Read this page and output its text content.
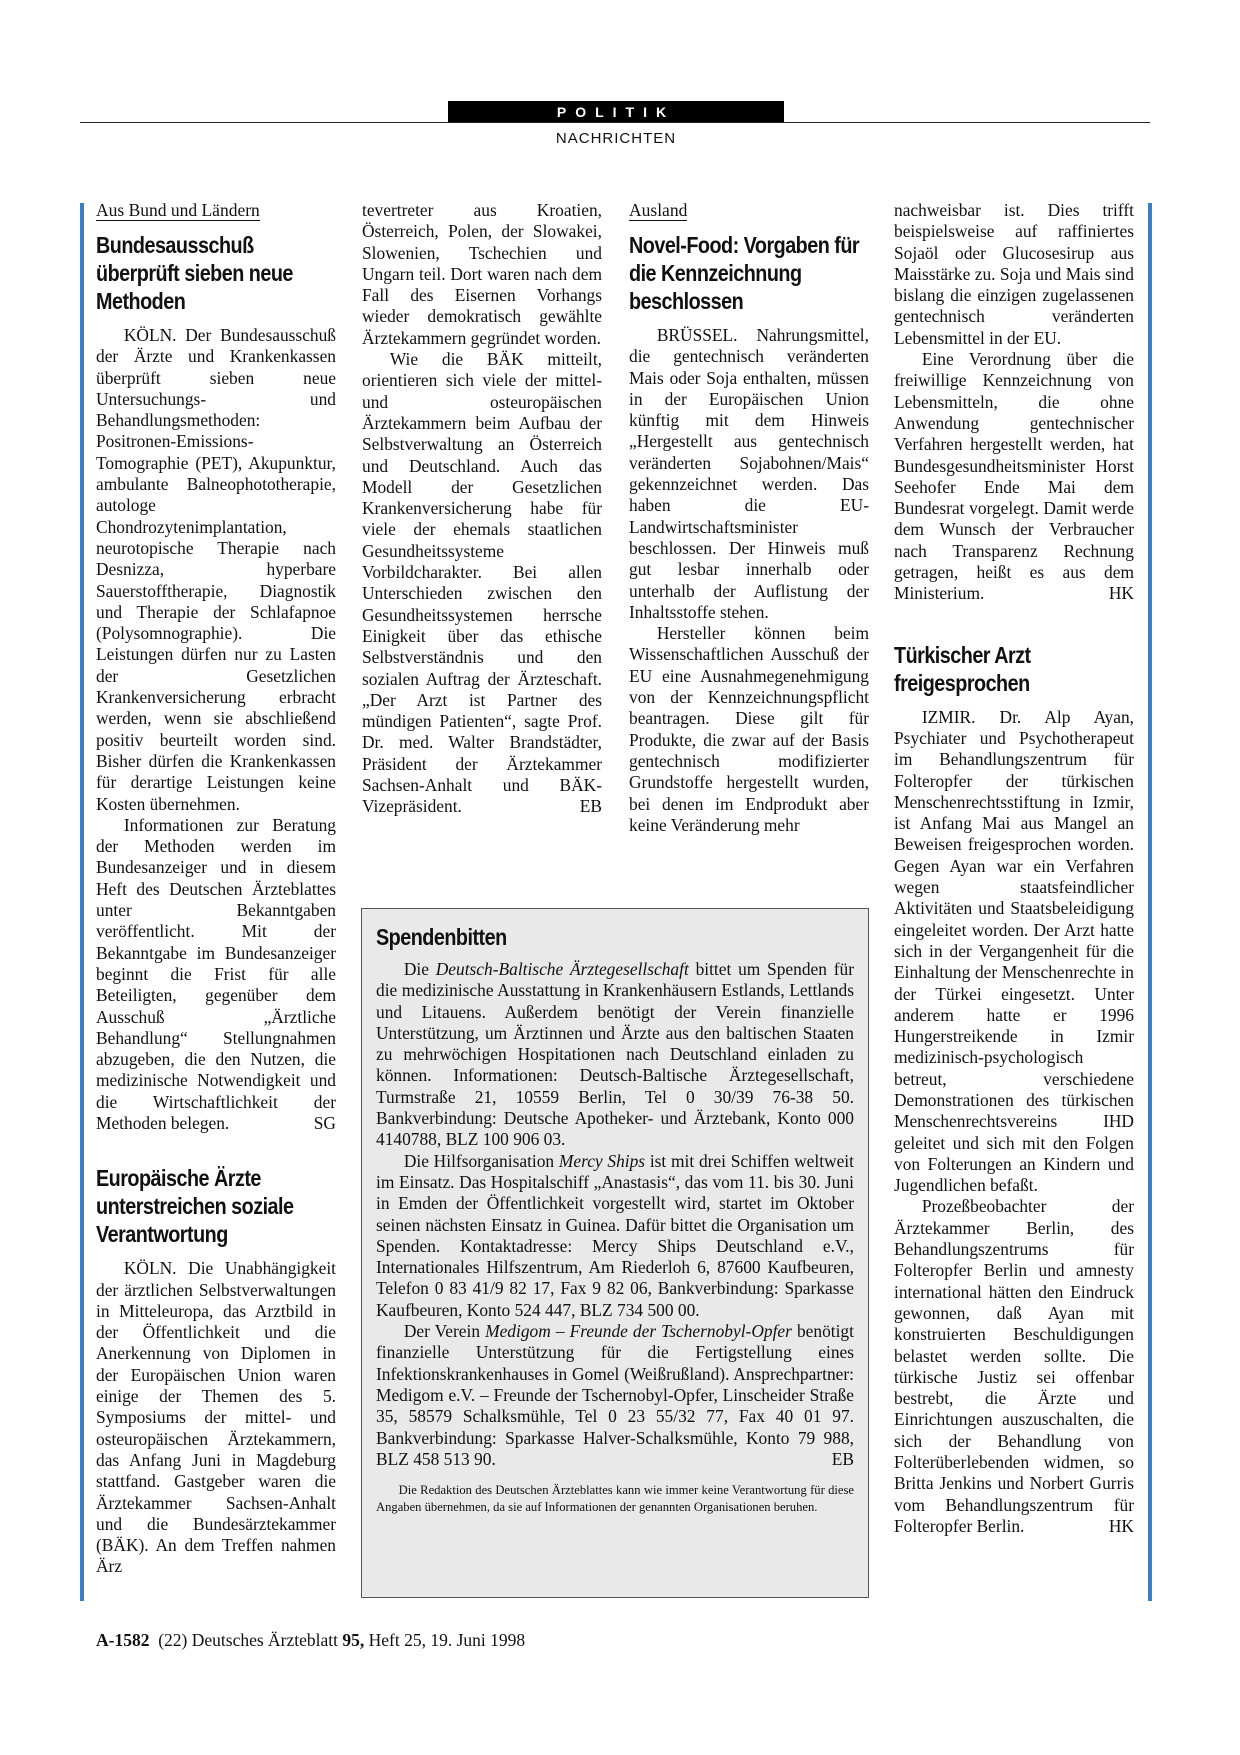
POLITIK
NACHRICHTEN
Aus Bund und Ländern
Bundesausschuß überprüft sieben neue Methoden

KÖLN. Der Bundesausschuß der Ärzte und Krankenkassen überprüft sieben neue Untersuchungs- und Behandlungsmethoden: Positronen-Emissions-Tomographie (PET), Akupunktur, ambulante Balneophototherapie, autologe Chondrozytenimplantation, neurotopische Therapie nach Desnizza, hyperbare Sauerstofftherapie, Diagnostik und Therapie der Schlafapnoe (Polysomnographie). Die Leistungen dürfen nur zu Lasten der Gesetzlichen Krankenversicherung erbracht werden, wenn sie abschließend positiv beurteilt worden sind. Bisher dürfen die Krankenkassen für derartige Leistungen keine Kosten übernehmen.

Informationen zur Beratung der Methoden werden im Bundesanzeiger und in diesem Heft des Deutschen Ärzteblattes unter Bekanntgaben veröffentlicht. Mit der Bekanntgabe im Bundesanzeiger beginnt die Frist für alle Beteiligten, gegenüber dem Ausschuß „Ärztliche Behandlung“ Stellungnahmen abzugeben, die den Nutzen, die medizinische Notwendigkeit und die Wirtschaftlichkeit der Methoden belegen.	SG

Europäische Ärzte unterstreichen soziale Verantwortung

KÖLN. Die Unabhängigkeit der ärztlichen Selbstverwaltungen in Mitteleuropa, das Arztbild in der Öffentlichkeit und die Anerkennung von Diplomen in der Europäischen Union waren einige der Themen des 5. Symposiums der mittel- und osteuropäischen Ärztekammern, das Anfang Juni in Magdeburg stattfand. Gastgeber waren die Ärztekammer Sachsen-Anhalt und die Bundesärztekammer (BÄK). An dem Treffen nahmen Ärz

tevertreter aus Kroatien, Österreich, Polen, der Slowakei, Slowenien, Tschechien und Ungarn teil. Dort waren nach dem Fall des Eisernen Vorhangs wieder demokratisch gewählte Ärztekammern gegründet worden.

Wie die BÄK mitteilt, orientieren sich viele der mittel- und osteuropäischen Ärztekammern beim Aufbau der Selbstverwaltung an Österreich und Deutschland. Auch das Modell der Gesetzlichen Krankenversicherung habe für viele der ehemals staatlichen Gesundheitssysteme Vorbildcharakter. Bei allen Unterschieden zwischen den Gesundheitssystemen herrsche Einigkeit über das ethische Selbstverständnis und den sozialen Auftrag der Ärzteschaft. „Der Arzt ist Partner des mündigen Patienten“, sagte Prof. Dr. med. Walter Brandstädter, Präsident der Ärztekammer Sachsen-Anhalt und BÄK-Vizepräsident.	EB

Ausland
Novel-Food: Vorgaben für die Kennzeichnung beschlossen

BRÜSSEL. Nahrungsmittel, die gentechnisch veränderten Mais oder Soja enthalten, müssen in der Europäischen Union künftig mit dem Hinweis „Hergestellt aus gentechnisch veränderten Sojabohnen/Mais“ gekennzeichnet werden. Das haben die EU-Landwirtschaftsminister beschlossen. Der Hinweis muß gut lesbar innerhalb oder unterhalb der Auflistung der Inhaltsstoffe stehen.

Hersteller können beim Wissenschaftlichen Ausschuß der EU eine Ausnahmegenehmigung von der Kennzeichnungspflicht beantragen. Diese gilt für Produkte, die zwar auf der Basis gentechnisch modifizierter Grundstoffe hergestellt wurden, bei denen im Endprodukt aber keine Veränderung mehr

nachweisbar ist. Dies trifft beispielsweise auf raffiniertes Sojaöl oder Glucosesirup aus Maisstärke zu. Soja und Mais sind bislang die einzigen zugelassenen gentechnisch veränderten Lebensmittel in der EU.

Eine Verordnung über die freiwillige Kennzeichnung von Lebensmitteln, die ohne Anwendung gentechnischer Verfahren hergestellt werden, hat Bundesgesundheitsminister Horst Seehofer Ende Mai dem Bundesrat vorgelegt. Damit werde dem Wunsch der Verbraucher nach Transparenz Rechnung getragen, heißt es aus dem Ministerium.	HK

Türkischer Arzt freigesprochen

IZMIR. Dr. Alp Ayan, Psychiater und Psychotherapeut im Behandlungszentrum für Folteropfer der türkischen Menschenrechtsstiftung in Izmir, ist Anfang Mai aus Mangel an Beweisen freigesprochen worden. Gegen Ayan war ein Verfahren wegen staatsfeindlicher Aktivitäten und Staatsbeleidigung eingeleitet worden. Der Arzt hatte sich in der Vergangenheit für die Einhaltung der Menschenrechte in der Türkei eingesetzt. Unter anderem hatte er 1996 Hungerstreikende in Izmir medizinisch-psychologisch betreut, verschiedene Demonstrationen des türkischen Menschenrechtsvereins IHD geleitet und sich mit den Folgen von Folterungen an Kindern und Jugendlichen befaßt.

Prozeßbeobachter der Ärztekammer Berlin, des Behandlungszentrums für Folteropfer Berlin und amnesty international hätten den Eindruck gewonnen, daß Ayan mit konstruierten Beschuldigungen belastet werden sollte. Die türkische Justiz sei offenbar bestrebt, die Ärzte und Einrichtungen auszuschalten, die sich der Behandlung von Folterüberlebenden widmen, so Britta Jenkins und Norbert Gurris vom Behandlungszentrum für Folteropfer Berlin.	HK

Spendenbitten

Die Deutsch-Baltische Ärztegesellschaft bittet um Spenden für die medizinische Ausstattung in Krankenhäusern Estlands, Lettlands und Litauens. Außerdem benötigt der Verein finanzielle Unterstützung, um Ärztinnen und Ärzte aus den baltischen Staaten zu mehrwöchigen Hospitationen nach Deutschland einladen zu können. Informationen: Deutsch-Baltische Ärztegesellschaft, Turmstraße 21, 10559 Berlin, Tel 0 30/39 76-38 50. Bankverbindung: Deutsche Apotheker- und Ärztebank, Konto 000 4140788, BLZ 100 906 03.

Die Hilfsorganisation Mercy Ships ist mit drei Schiffen weltweit im Einsatz. Das Hospitalschiff „Anastasis“, das vom 11. bis 30. Juni in Emden der Öffentlichkeit vorgestellt wird, startet im Oktober seinen nächsten Einsatz in Guinea. Dafür bittet die Organisation um Spenden. Kontaktadresse: Mercy Ships Deutschland e.V., Internationales Hilfszentrum, Am Riederloh 6, 87600 Kaufbeuren, Telefon 0 83 41/9 82 17, Fax 9 82 06, Bankverbindung: Sparkasse Kaufbeuren, Konto 524 447, BLZ 734 500 00.

Der Verein Medigom – Freunde der Tschernobyl-Opfer benötigt finanzielle Unterstützung für die Fertigstellung eines Infektionskrankenhauses in Gomel (Weißrußland). Ansprechpartner: Medigom e.V. – Freunde der Tschernobyl-Opfer, Linscheider Straße 35, 58579 Schalksmühle, Tel 0 23 55/32 77, Fax 40 01 97. Bankverbindung: Sparkasse Halver-Schalksmühle, Konto 79 988, BLZ 458 513 90.	EB

Die Redaktion des Deutschen Ärzteblattes kann wie immer keine Verantwortung für diese Angaben übernehmen, da sie auf Informationen der genannten Organisationen beruhen.
A-1582 (22) Deutsches Ärzteblatt 95, Heft 25, 19. Juni 1998
